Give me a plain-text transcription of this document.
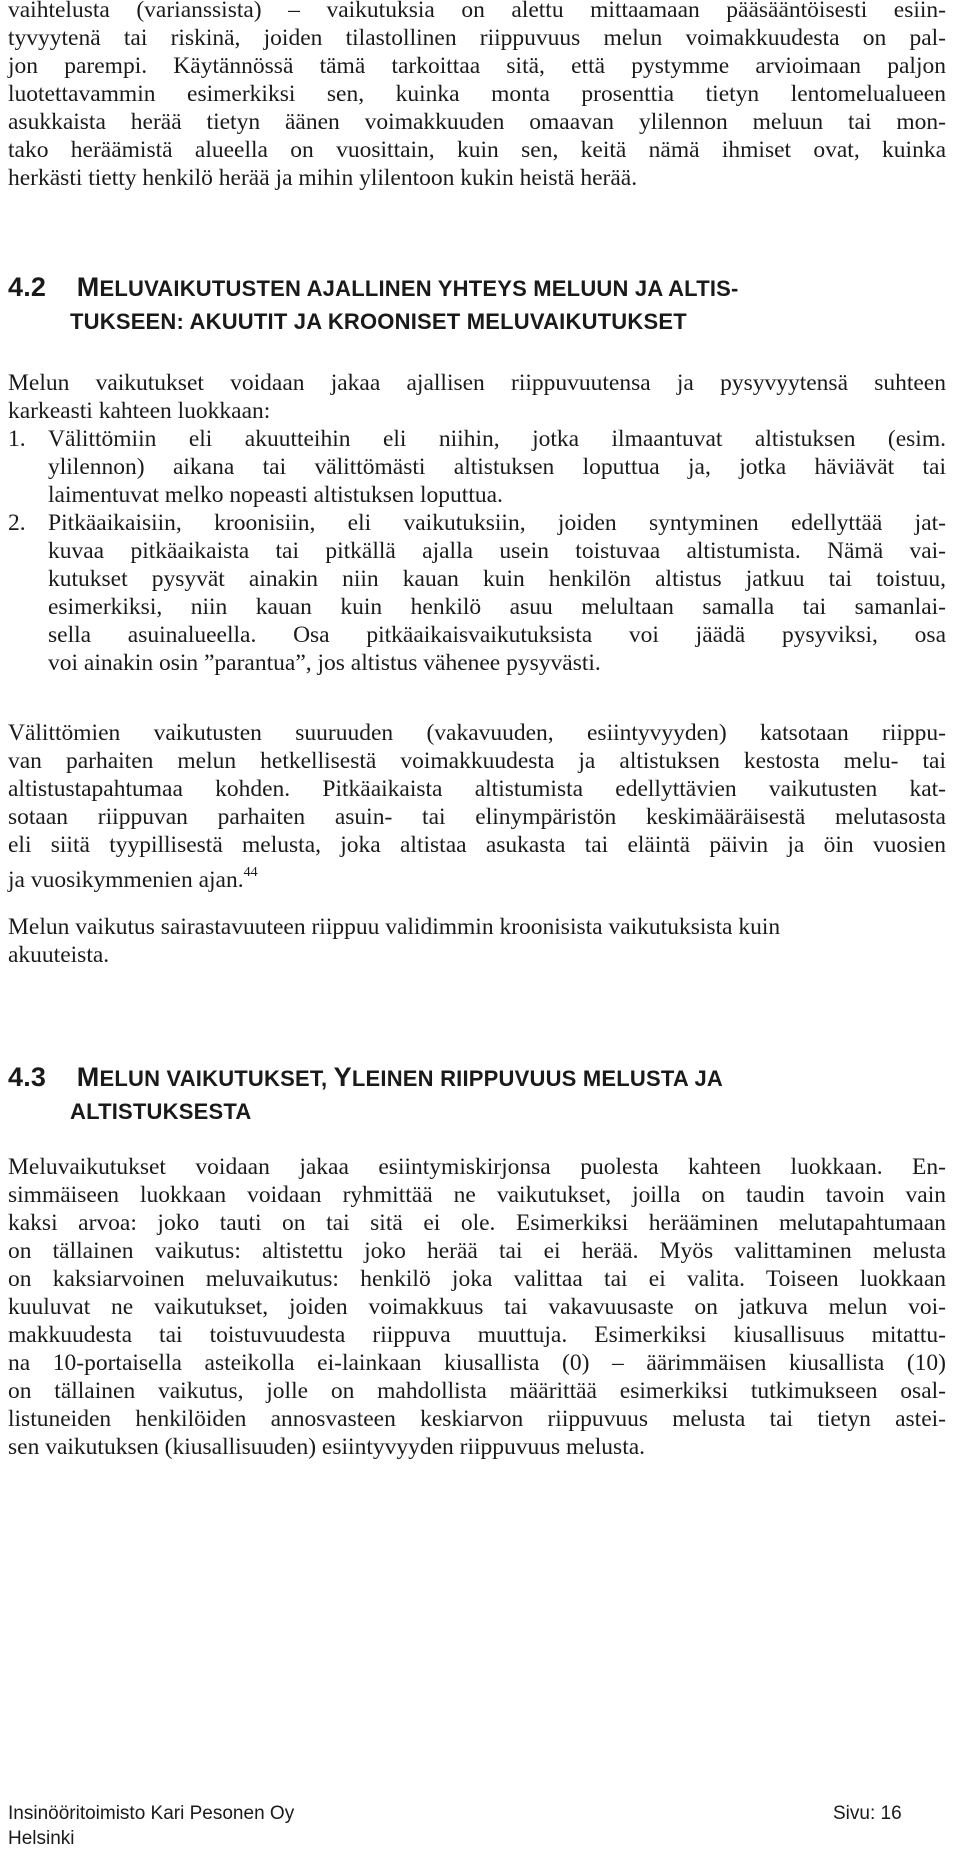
vaihtelusta (varianssista) – vaikutuksia on alettu mittaamaan pääsääntöisesti esiin-
tyvyytenä tai riskinä, joiden tilastollinen riippuvuus melun voimakkuudesta on pal-
jon parempi. Käytännössä tämä tarkoittaa sitä, että pystymme arvioimaan paljon
luotettavammin esimerkiksi sen, kuinka monta prosenttia tietyn lentomelualueen
asukkaista herää tietyn äänen voimakkuuden omaavan ylilennon meluun tai mon-
tako heräämistä alueella on vuosittain, kuin sen, keitä nämä ihmiset ovat, kuinka
herkästi tietty henkilö herää ja mihin ylilentoon kukin heistä herää.
4.2 MELUVAIKUTUSTEN AJALLINEN YHTEYS MELUUN JA ALTIS-
TUKSEEN: AKUUTIT JA KROONISET MELUVAIKUTUKSET
Melun vaikutukset voidaan jakaa ajallisen riippuvuutensa ja pysyvyytensä suhteen
karkeasti kahteen luokkaan:
1. Välittömiin eli akuutteihin eli niihin, jotka ilmaantuvat altistuksen (esim.
ylilennon) aikana tai välittömästi altistuksen loputtua ja, jotka häviävät tai
laimentuvat melko nopeasti altistuksen loputtua.
2. Pitkäaikaisiin, kroonisiin, eli vaikutuksiin, joiden syntyminen edellyttää jat-
kuvaa pitkäaikaista tai pitkällä ajalla usein toistuvaa altistumista. Nämä vai-
kutukset pysyvät ainakin niin kauan kuin henkilön altistus jatkuu tai toistuu,
esimerkiksi, niin kauan kuin henkilö asuu melultaan samalla tai samanlai-
sella asuinalueella. Osa pitkäaikaisvaikutuksista voi jäädä pysyviksi, osa
voi ainakin osin ”parantua”, jos altistus vähenee pysyvästi.
Välittömien vaikutusten suuruuden (vakavuuden, esiintyvyyden) katsotaan riippu-
van parhaiten melun hetkellisestä voimakkuudesta ja altistuksen kestosta melu- tai
altistustapahtumaa kohden. Pitkäaikaista altistumista edellyttävien vaikutusten kat-
sotaan riippuvan parhaiten asuin- tai elinympäristön keskimääräisestä melutasosta
eli siitä tyypillisestä melusta, joka altistaa asukasta tai eläintä päivin ja öin vuosien
ja vuosikymmenien ajan.$^{44}$
Melun vaikutus sairastavuuteen riippuu validimmin kroonisista vaikutuksista kuin
akuuteista.
4.3 MELUN VAIKUTUKSET, YLEINEN RIIPPUVUUS MELUSTA JA
ALTISTUKSESTA
Meluvaikutukset voidaan jakaa esiintymiskirjonsa puolesta kahteen luokkaan. En-
simmäiseen luokkaan voidaan ryhmittää ne vaikutukset, joilla on taudin tavoin vain
kaksi arvoa: joko tauti on tai sitä ei ole. Esimerkiksi herääminen melutapahtumaan
on tällainen vaikutus: altistettu joko herää tai ei herää. Myös valittaminen melusta
on kaksiarvoinen meluvaikutus: henkilö joka valittaa tai ei valita. Toiseen luokkaan
kuuluvat ne vaikutukset, joiden voimakkuus tai vakavuusaste on jatkuva melun voi-
makkuudesta tai toistuvuudesta riippuva muuttuja. Esimerkiksi kiusallisuus mitattu-
na 10-portaisella asteikolla ei-lainkaan kiusallista (0) – äärimmäisen kiusallista (10)
on tällainen vaikutus, jolle on mahdollista määrittää esimerkiksi tutkimukseen osal-
listuneiden henkilöiden annosvasteen keskiarvon riippuvuus melusta tai tietyn astei-
sen vaikutuksen (kiusallisuuden) esiintyvyyden riippuvuus melusta.
Insinööritoimisto Kari Pesonen Oy
Helsinki
Sivu: 16
